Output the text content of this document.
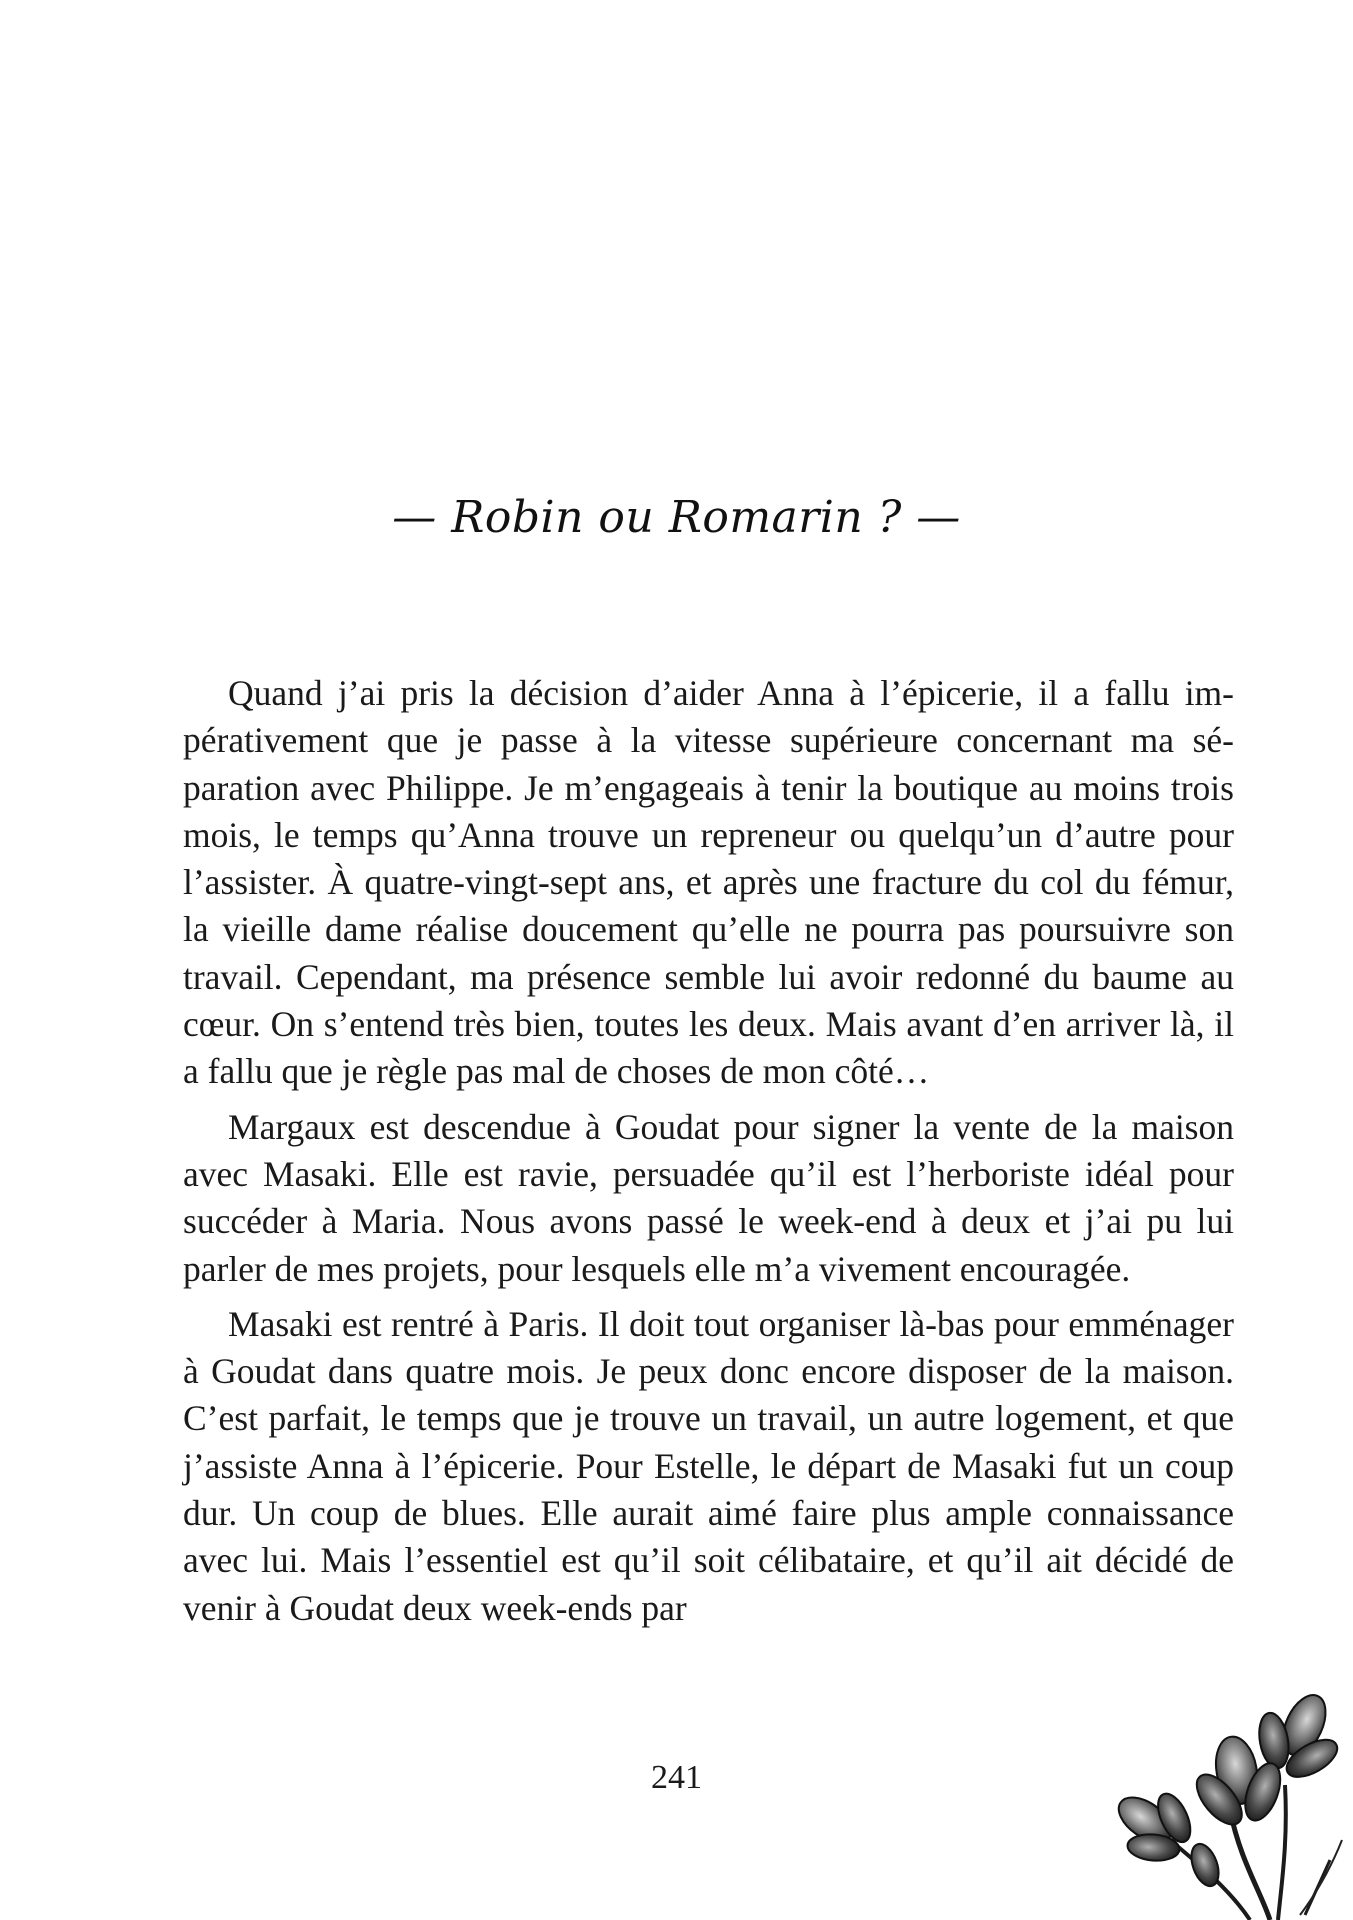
— Robin ou Romarin ? —

Quand j’ai pris la décision d’aider Anna à l’épicerie, il a fallu impérativement que je passe à la vitesse supérieure concernant ma séparation avec Philippe. Je m’engageais à tenir la boutique au moins trois mois, le temps qu’Anna trouve un repreneur ou quelqu’un d’autre pour l’assister. À quatre-vingt-sept ans, et après une fracture du col du fémur, la vieille dame réalise doucement qu’elle ne pourra pas poursuivre son travail. Cependant, ma présence semble lui avoir redonné du baume au cœur. On s’entend très bien, toutes les deux. Mais avant d’en arriver là, il a fallu que je règle pas mal de choses de mon côté…

Margaux est descendue à Goudat pour signer la vente de la maison avec Masaki. Elle est ravie, persuadée qu’il est l’herboriste idéal pour succéder à Maria. Nous avons passé le week-end à deux et j’ai pu lui parler de mes projets, pour lesquels elle m’a vivement encouragée.

Masaki est rentré à Paris. Il doit tout organiser là-bas pour emménager à Goudat dans quatre mois. Je peux donc encore disposer de la maison. C’est parfait, le temps que je trouve un travail, un autre logement, et que j’assiste Anna à l’épicerie. Pour Estelle, le départ de Masaki fut un coup dur. Un coup de blues. Elle aurait aimé faire plus ample connaissance avec lui. Mais l’essentiel est qu’il soit célibataire, et qu’il ait décidé de venir à Goudat deux week-ends par

241
